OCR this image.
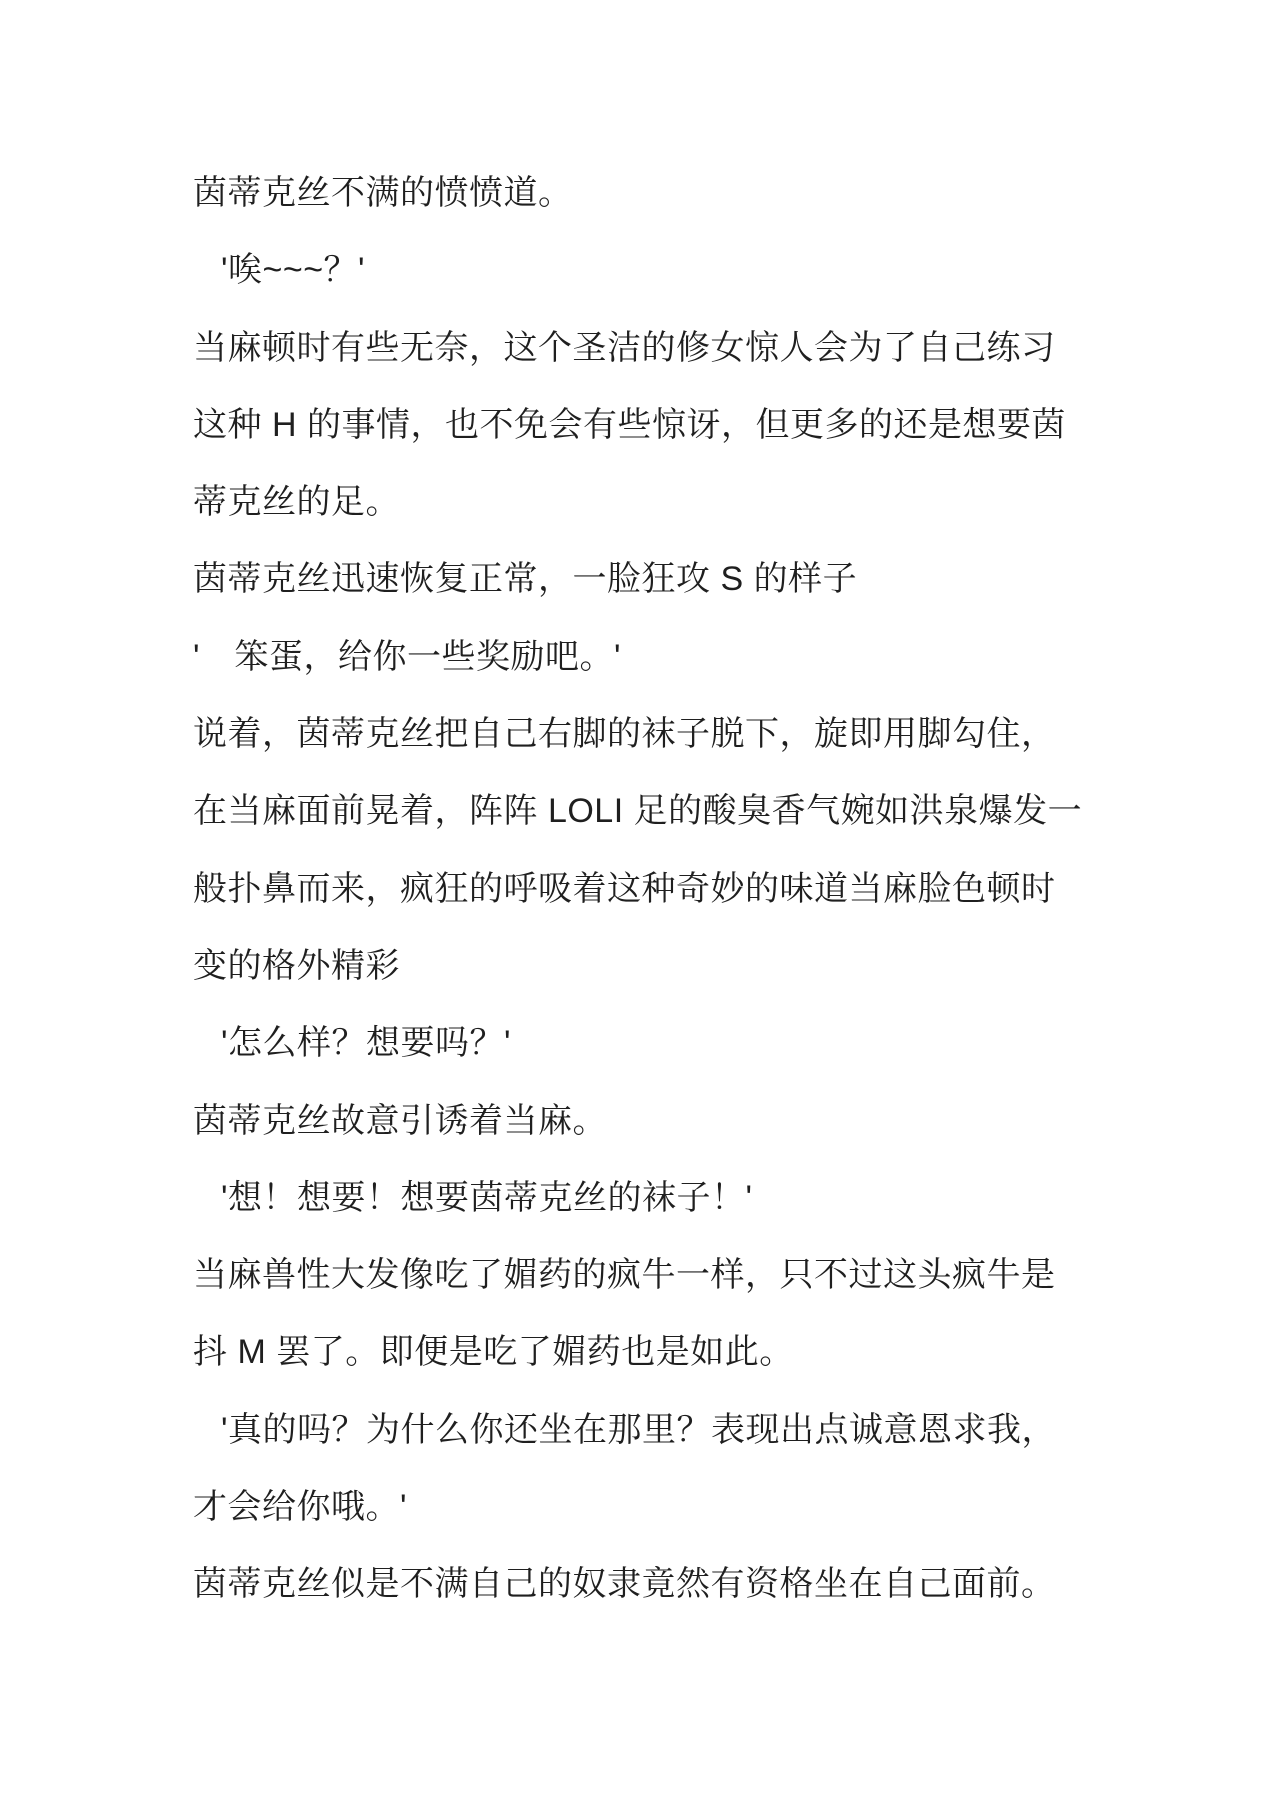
茵蒂克丝不满的愤愤道。
'唉~~~？'
当麻顿时有些无奈，这个圣洁的修女惊人会为了自己练习
这种 H 的事情，也不免会有些惊讶，但更多的还是想要茵
蒂克丝的足。
茵蒂克丝迅速恢复正常，一脸狂攻 S 的样子
'　笨蛋，给你一些奖励吧。'
说着，茵蒂克丝把自己右脚的袜子脱下，旋即用脚勾住，
在当麻面前晃着，阵阵 LOLI 足的酸臭香气婉如洪泉爆发一
般扑鼻而来，疯狂的呼吸着这种奇妙的味道当麻脸色顿时
变的格外精彩
'怎么样？想要吗？'
茵蒂克丝故意引诱着当麻。
'想！想要！想要茵蒂克丝的袜子！'
当麻兽性大发像吃了媚药的疯牛一样，只不过这头疯牛是
抖 M 罢了。即便是吃了媚药也是如此。
'真的吗？为什么你还坐在那里？表现出点诚意恩求我，
才会给你哦。'
茵蒂克丝似是不满自己的奴隶竟然有资格坐在自己面前。
